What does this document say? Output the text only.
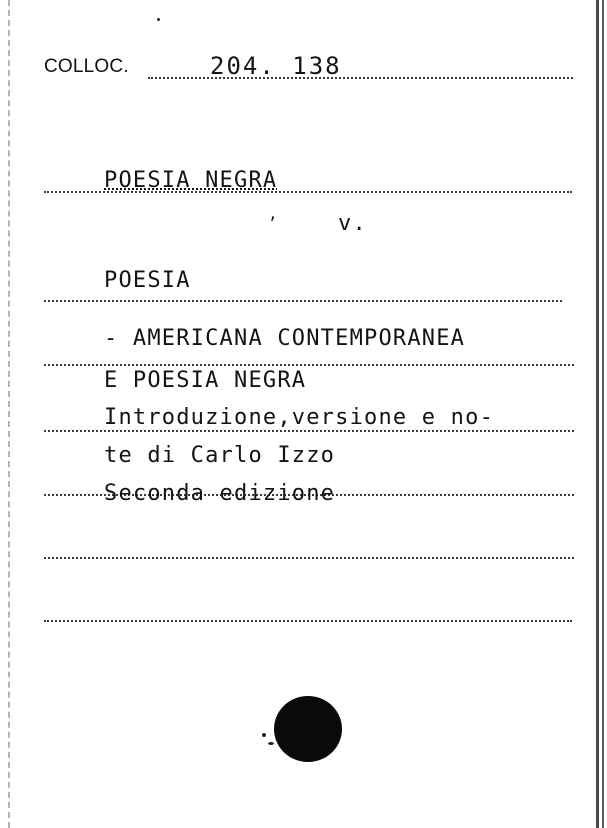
COLLOC.	204. 138
POESIA NEGRA
,	v.
POESIA
- AMERICANA CONTEMPORANEA
E POESIA NEGRA
Introduzione,versione e no-
te di Carlo Izzo
Seconda edizione
